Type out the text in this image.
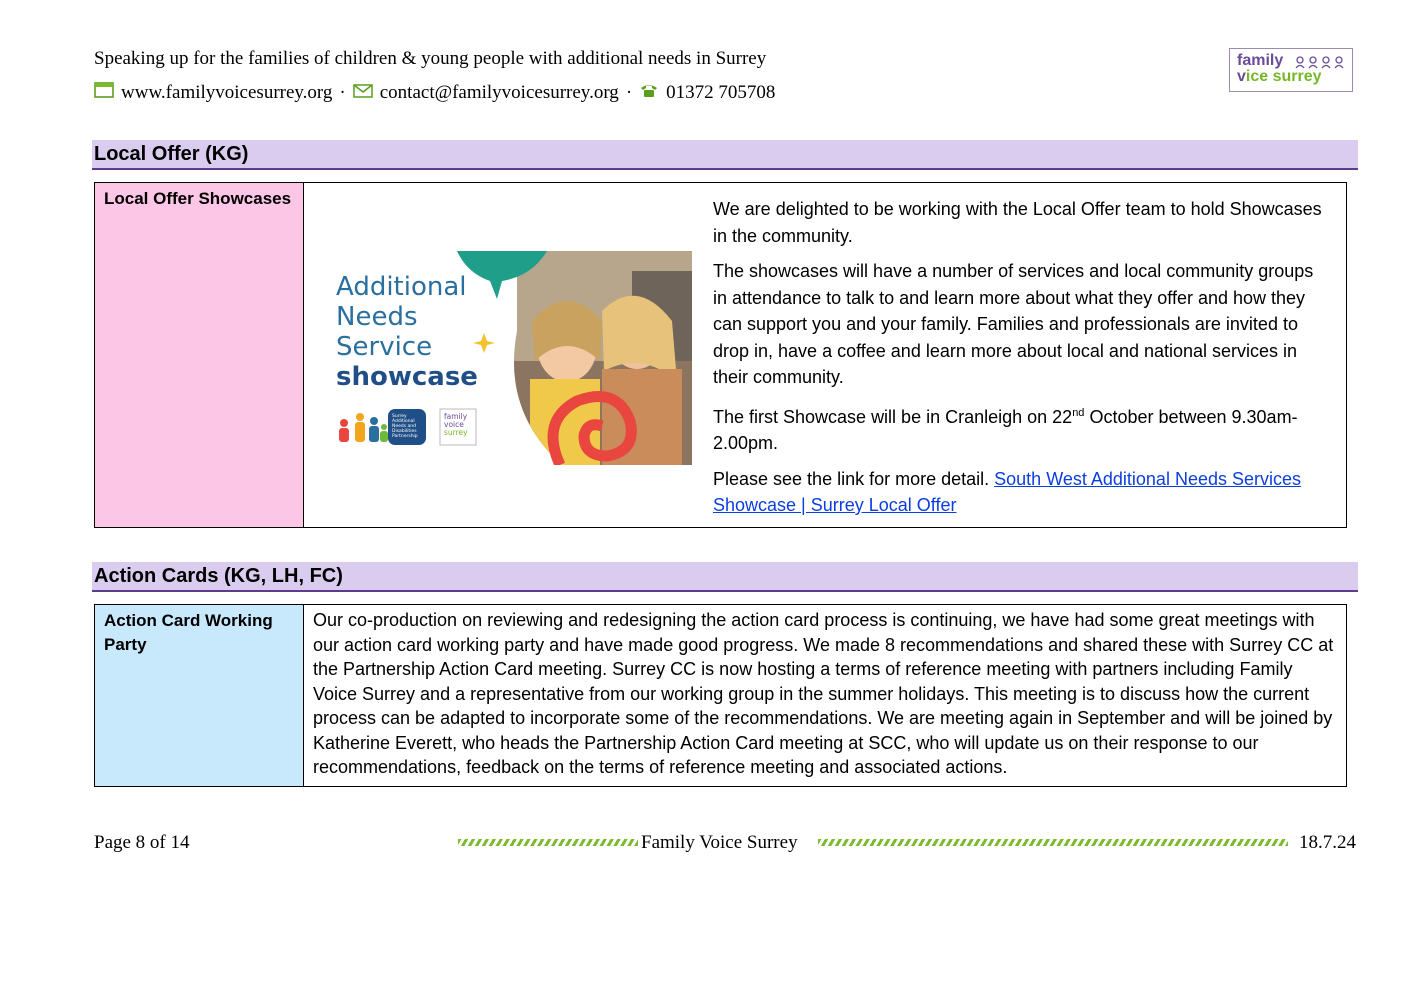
Speaking up for the families of children & young people with additional needs in Surrey
www.familyvoicesurrey.org · contact@familyvoicesurrey.org · 01372 705708
family
vice surrey
Local Offer (KG)
Local Offer Showcases
Additional
Needs
Service
showcase
Surrey
Additional
Needs and
Disabilities
Partnership
family
voice
surrey

We are delighted to be working with the Local Offer team to hold Showcases in the community.

The showcases will have a number of services and local community groups in attendance to talk to and learn more about what they offer and how they can support you and your family. Families and professionals are invited to drop in, have a coffee and learn more about local and national services in their community.

The first Showcase will be in Cranleigh on 22nd October between 9.30am-2.00pm.

Please see the link for more detail. South West Additional Needs Services Showcase | Surrey Local Offer

Action Cards (KG, LH, FC)
Action Card Working Party
Our co-production on reviewing and redesigning the action card process is continuing, we have had some great meetings with our action card working party and have made good progress. We made 8 recommendations and shared these with Surrey CC at the Partnership Action Card meeting. Surrey CC is now hosting a terms of reference meeting with partners including Family Voice Surrey and a representative from our working group in the summer holidays. This meeting is to discuss how the current process can be adapted to incorporate some of the recommendations. We are meeting again in September and will be joined by Katherine Everett, who heads the Partnership Action Card meeting at SCC, who will update us on their response to our recommendations, feedback on the terms of reference meeting and associated actions.
Page 8 of 14	Family Voice Surrey	18.7.24
